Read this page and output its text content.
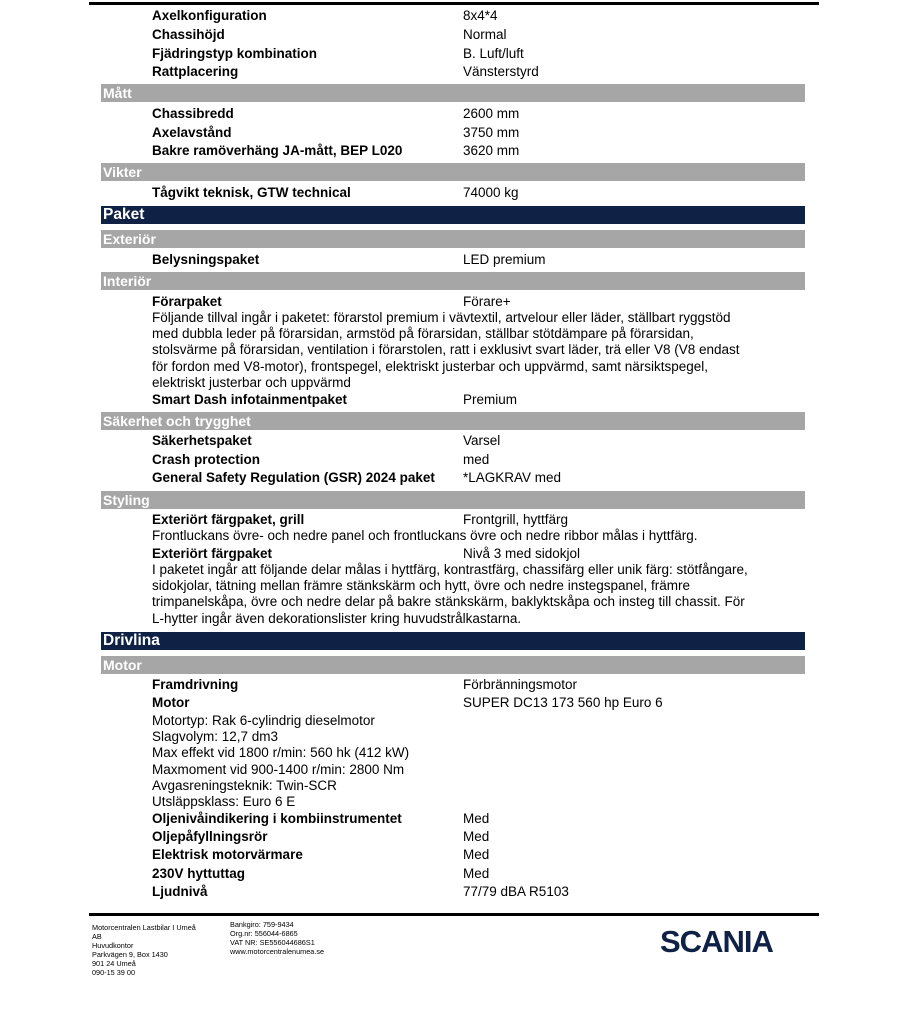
Axelkonfiguration	8x4*4
Chassihöjd	Normal
Fjädringstyp kombination	B. Luft/luft
Rattplacering	Vänsterstyrd
Mått
Chassibredd	2600 mm
Axelavstånd	3750 mm
Bakre ramöverhäng JA-mått, BEP L020	3620 mm
Vikter
Tågvikt teknisk, GTW technical	74000 kg
Paket
Exteriör
Belysningspaket	LED premium
Interiör
Förarpaket	Förare+
Följande tillval ingår i paketet: förarstol premium i vävtextil, artvelour eller läder, ställbart ryggstöd
med dubbla leder på förarsidan, armstöd på förarsidan, ställbar stötdämpare på förarsidan,
stolsvärme på förarsidan, ventilation i förarstolen, ratt i exklusivt svart läder, trä eller V8 (V8 endast
för fordon med V8-motor), frontspegel, elektriskt justerbar och uppvärmd, samt närsiktspegel,
elektriskt justerbar och uppvärmd
Smart Dash infotainmentpaket	Premium
Säkerhet och trygghet
Säkerhetspaket	Varsel
Crash protection	med
General Safety Regulation (GSR) 2024 paket *LAGKRAV med
Styling
Exteriört färgpaket, grill	Frontgrill, hyttfärg
Frontluckans övre- och nedre panel och frontluckans övre och nedre ribbor målas i hyttfärg.
Exteriört färgpaket	Nivå 3 med sidokjol
I paketet ingår att följande delar målas i hyttfärg, kontrastfärg, chassifärg eller unik färg: stötfångare,
sidokjolar, tätning mellan främre stänkskärm och hytt, övre och nedre instegspanel, främre
trimpanelskåpa, övre och nedre delar på bakre stänkskärm, baklyktskåpa och insteg till chassit. För
L-hytter ingår även dekorationslister kring huvudstrålkastarna.
Drivlina
Motor
Framdrivning	Förbränningsmotor
Motor	SUPER DC13 173 560 hp Euro 6
Motortyp: Rak 6-cylindrig dieselmotor
Slagvolym: 12,7 dm3
Max effekt vid 1800 r/min: 560 hk (412 kW)
Maxmoment vid 900-1400 r/min: 2800 Nm
Avgasreningsteknik: Twin-SCR
Utsläppsklass: Euro 6 E
Oljenivåindikering i kombiinstrumentet	Med
Oljepåfyllningsrör	Med
Elektrisk motorvärmare	Med
230V hyttuttag	Med
Ljudnivå	77/79 dBA R5103
Motorcentralen Lastbilar I Umeå
AB
Huvudkontor
Parkvägen 9, Box 1430
901 24 Umeå
090-15 39 00
Bankgiro: 759-9434
Org.nr: 556044-6865
VAT NR: SE556044686S1
www.motorcentralenumea.se	SCANIA
